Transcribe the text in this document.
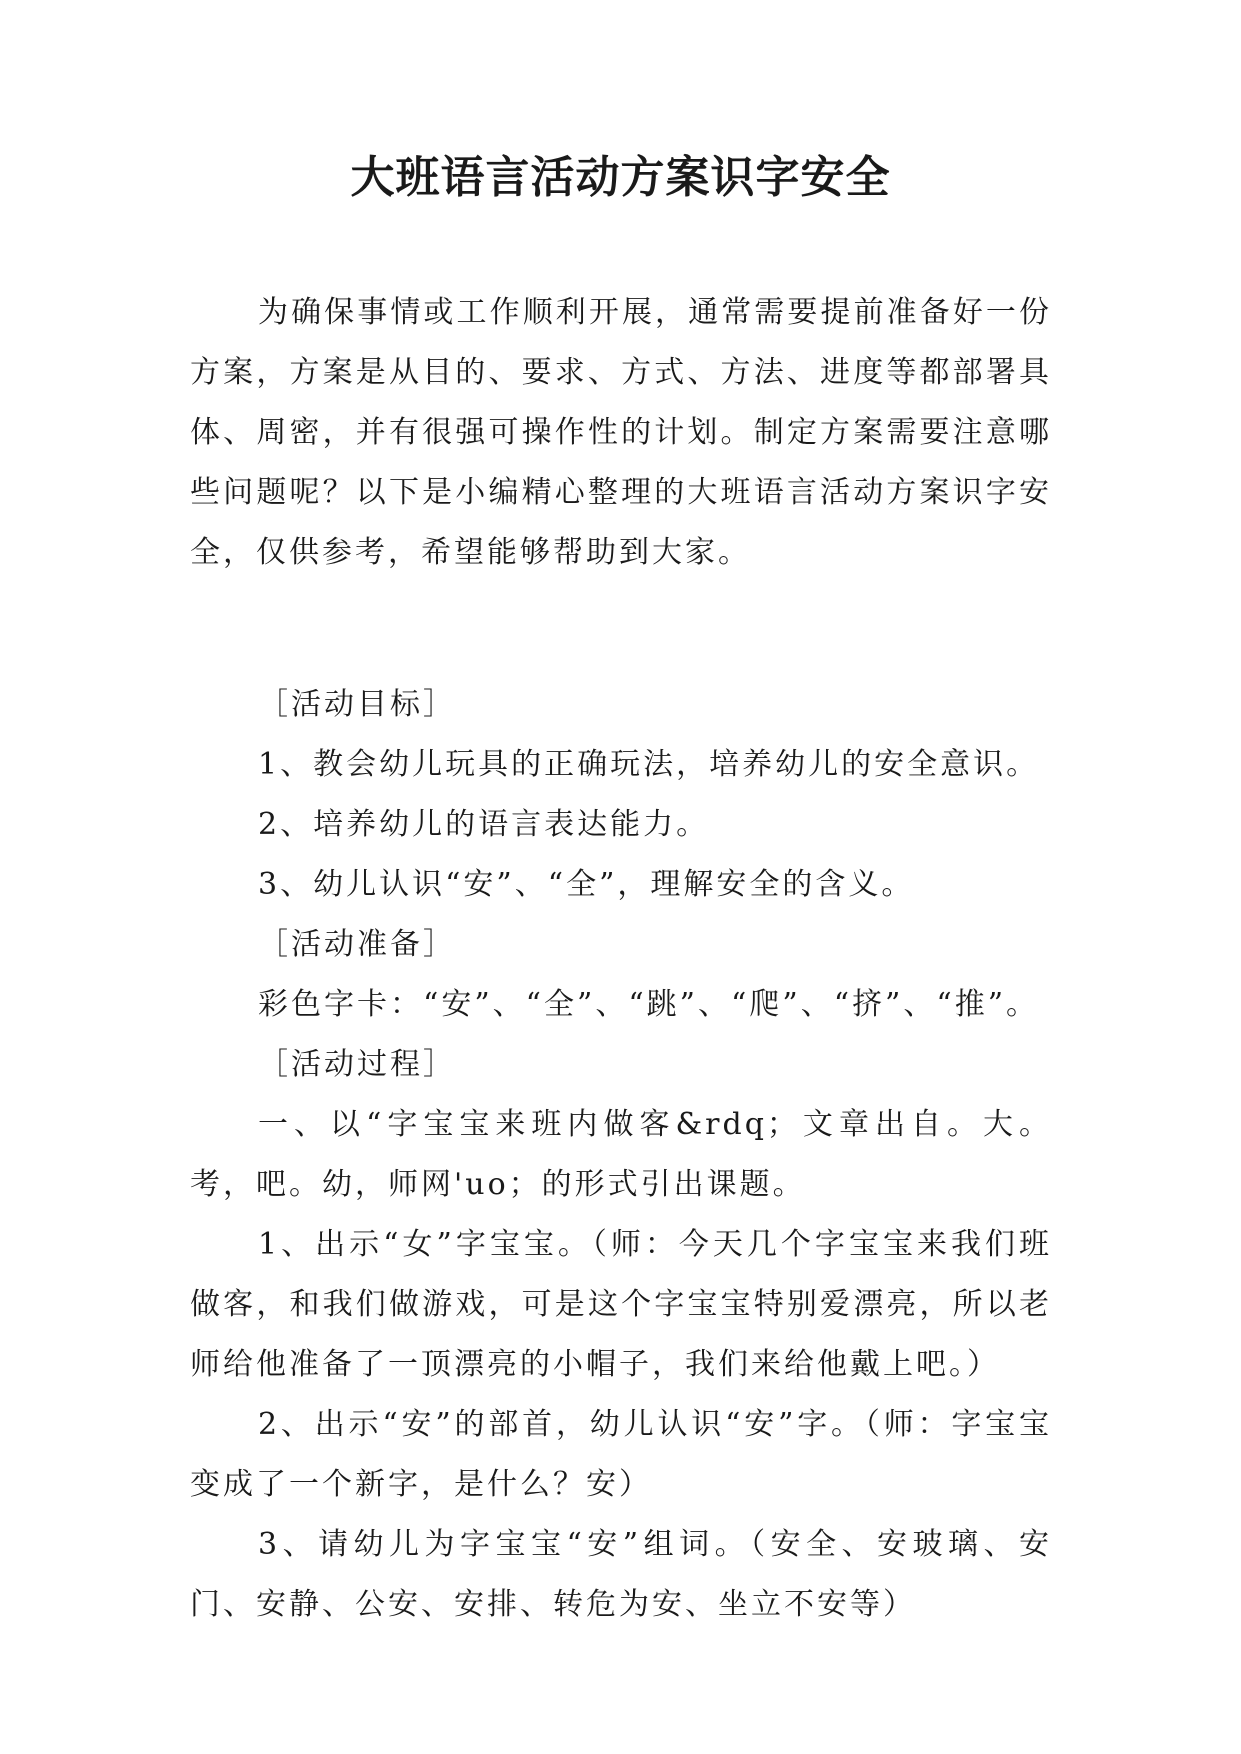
大班语言活动方案识字安全

为确保事情或工作顺利开展，通常需要提前准备好一份方案，方案是从目的、要求、方式、方法、进度等都部署具体、周密，并有很强可操作性的计划。制定方案需要注意哪些问题呢？以下是小编精心整理的大班语言活动方案识字安全，仅供参考，希望能够帮助到大家。

［活动目标］

1、教会幼儿玩具的正确玩法，培养幼儿的安全意识。

2、培养幼儿的语言表达能力。

3、幼儿认识“安”、“全”，理解安全的含义。

［活动准备］

彩色字卡：“安”、“全”、“跳”、“爬”、“挤”、“推”。

［活动过程］

一、以“字宝宝来班内做客&rdq；文章出自。大。考，吧。幼，师网'uo；的形式引出课题。

1、出示“女”字宝宝。（师：今天几个字宝宝来我们班做客，和我们做游戏，可是这个字宝宝特别爱漂亮，所以老师给他准备了一顶漂亮的小帽子，我们来给他戴上吧。）

2、出示“安”的部首，幼儿认识“安”字。（师：字宝宝变成了一个新字，是什么？安）

3、请幼儿为字宝宝“安”组词。（安全、安玻璃、安门、安静、公安、安排、转危为安、坐立不安等）
